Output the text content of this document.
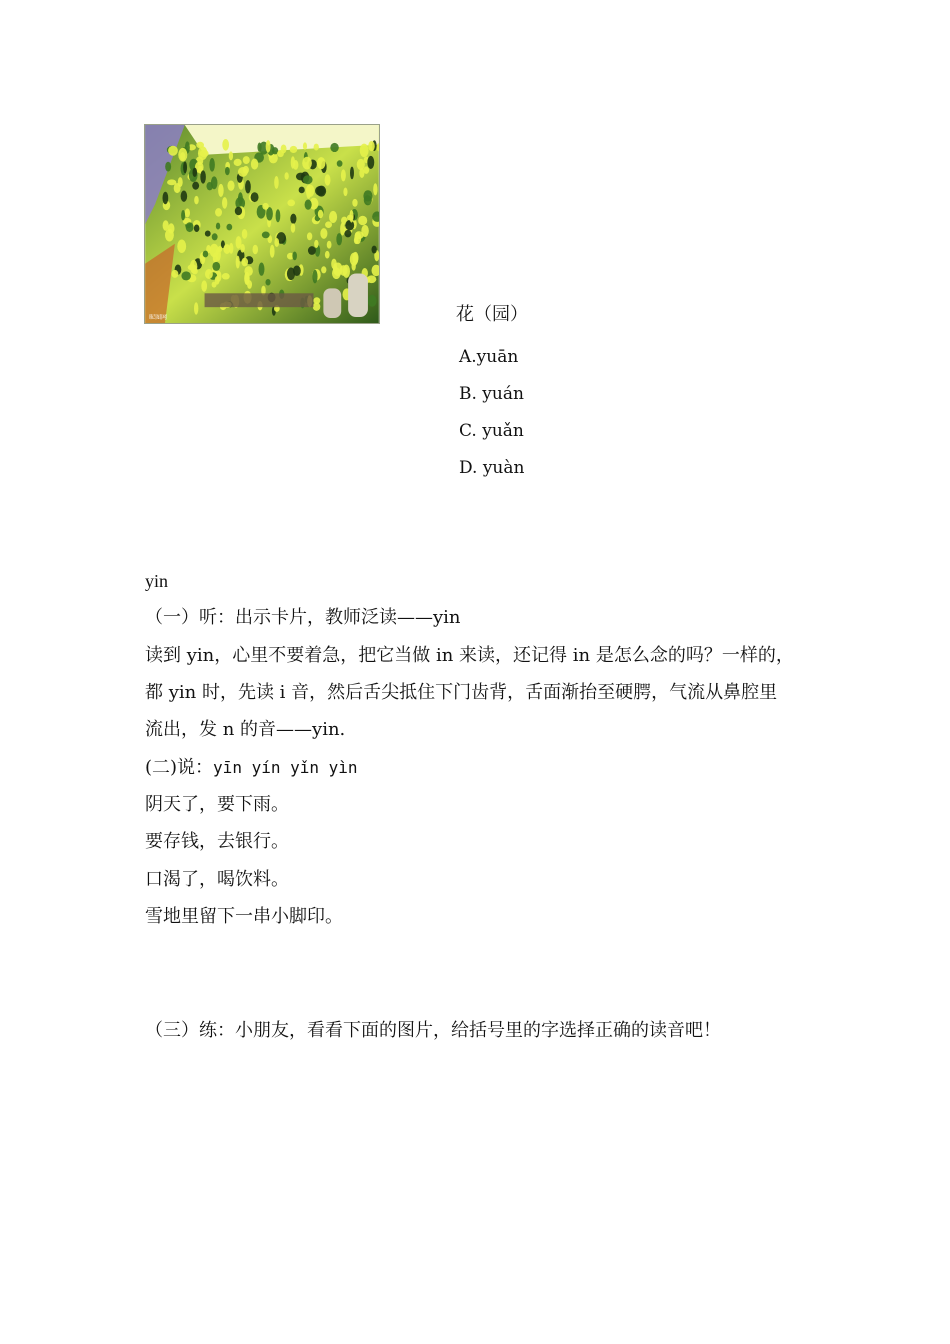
昵图网	花（园）

A.yuān
B. yuán
C. yuǎn
D. yuàn
yin
（一）听：出示卡片，教师泛读——yin
读到 yin，心里不要着急，把它当做 in 来读，还记得 in 是怎么念的吗？一样的，
都 yin 时，先读 i 音，然后舌尖抵住下门齿背，舌面渐抬至硬腭，气流从鼻腔里
流出，发 n 的音——yin.
(二)说：yīn yín yǐn yìn
阴天了，要下雨。
要存钱，去银行。
口渴了，喝饮料。
雪地里留下一串小脚印。
（三）练：小朋友，看看下面的图片，给括号里的字选择正确的读音吧！
